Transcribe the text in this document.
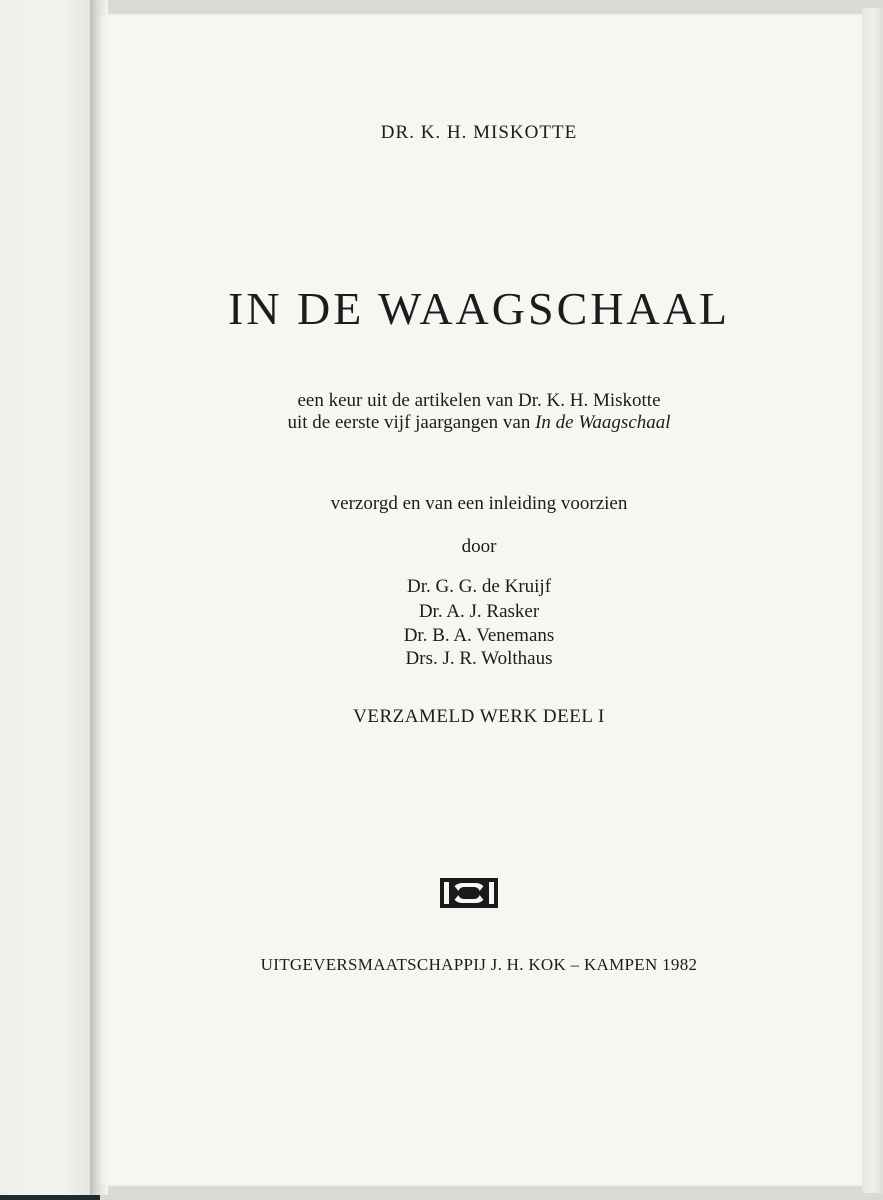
DR. K. H. MISKOTTE
IN DE WAAGSCHAAL
een keur uit de artikelen van Dr. K. H. Miskotte
uit de eerste vijf jaargangen van In de Waagschaal
verzorgd en van een inleiding voorzien
door
Dr. G. G. de Kruijf
Dr. A. J. Rasker
Dr. B. A. Venemans
Drs. J. R. Wolthaus
VERZAMELD WERK DEEL I
UITGEVERSMAATSCHAPPIJ J. H. KOK – KAMPEN 1982
